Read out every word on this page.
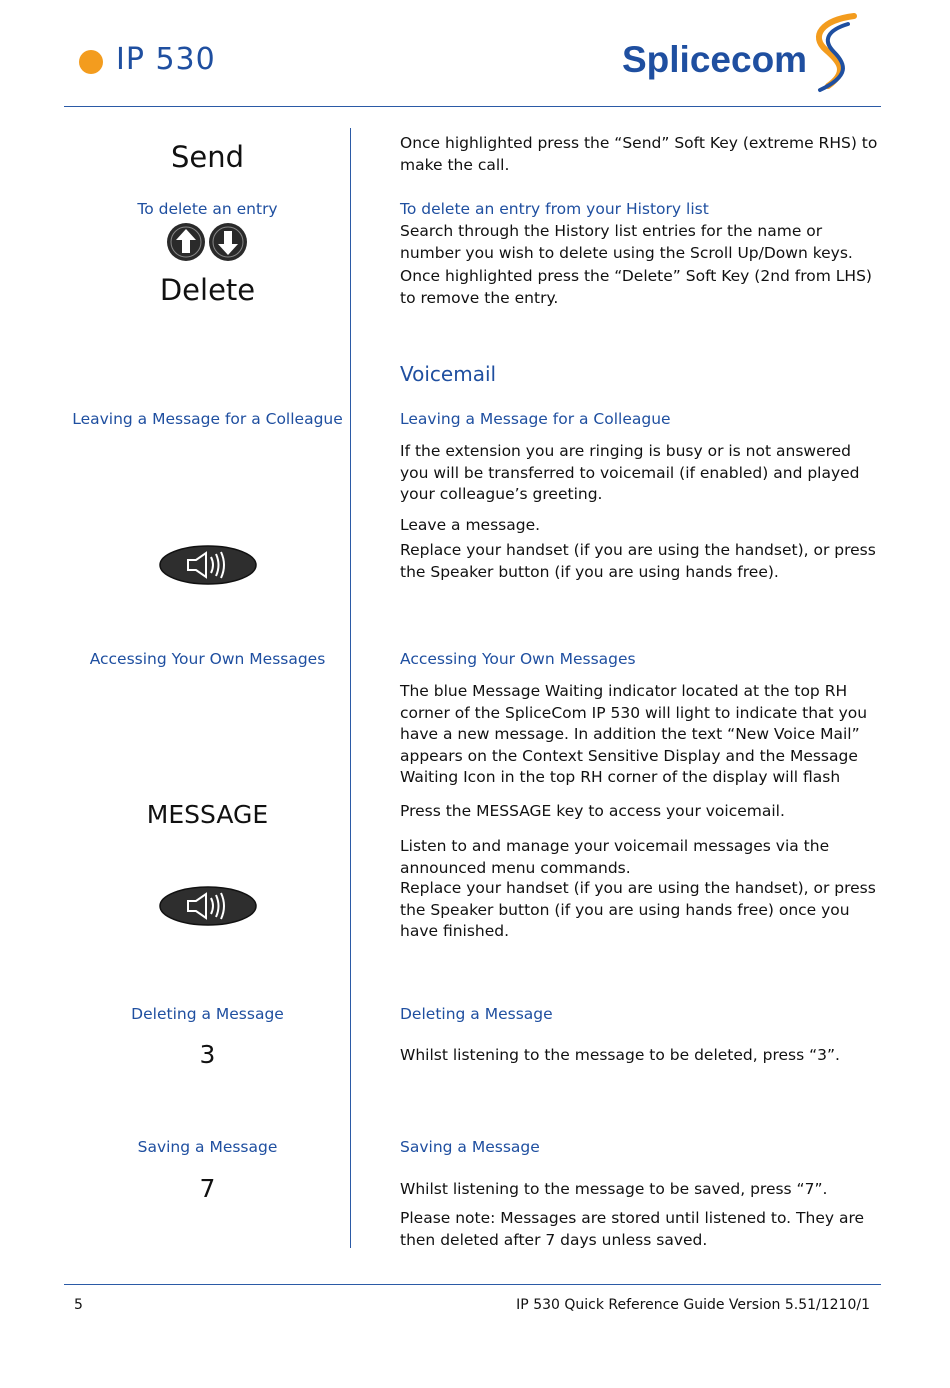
IP 530	Splicecom
Send
To delete an entry
Delete
Leaving a Message for a Colleague
Accessing Your Own Messages
MESSAGE
Deleting a Message
3
Saving a Message
7
Once highlighted press the “Send” Soft Key (extreme RHS) to make the call.
To delete an entry from your History list
Search through the History list entries for the name or number you wish to delete using the Scroll Up/Down keys.
Once highlighted press the “Delete” Soft Key (2nd from LHS) to remove the entry.
Voicemail
Leaving a Message for a Colleague
If the extension you are ringing is busy or is not answered you will be transferred to voicemail (if enabled) and played your colleague’s greeting.
Leave a message.
Replace your handset (if you are using the handset), or press the Speaker button (if you are using hands free).
Accessing Your Own Messages
The blue Message Waiting indicator located at the top RH corner of the SpliceCom IP 530 will light to indicate that you have a new message. In addition the text “New Voice Mail” appears on the Context Sensitive Display and the Message Waiting Icon in the top RH corner of the display will flash
Press the MESSAGE key to access your voicemail.
Listen to and manage your voicemail messages via the announced menu commands.
Replace your handset (if you are using the handset), or press the Speaker button (if you are using hands free) once you have finished.
Deleting a Message
Whilst listening to the message to be deleted, press “3”.
Saving a Message
Whilst listening to the message to be saved, press “7”.
Please note: Messages are stored until listened to. They are then deleted after 7 days unless saved.
5	IP 530 Quick Reference Guide Version 5.51/1210/1
